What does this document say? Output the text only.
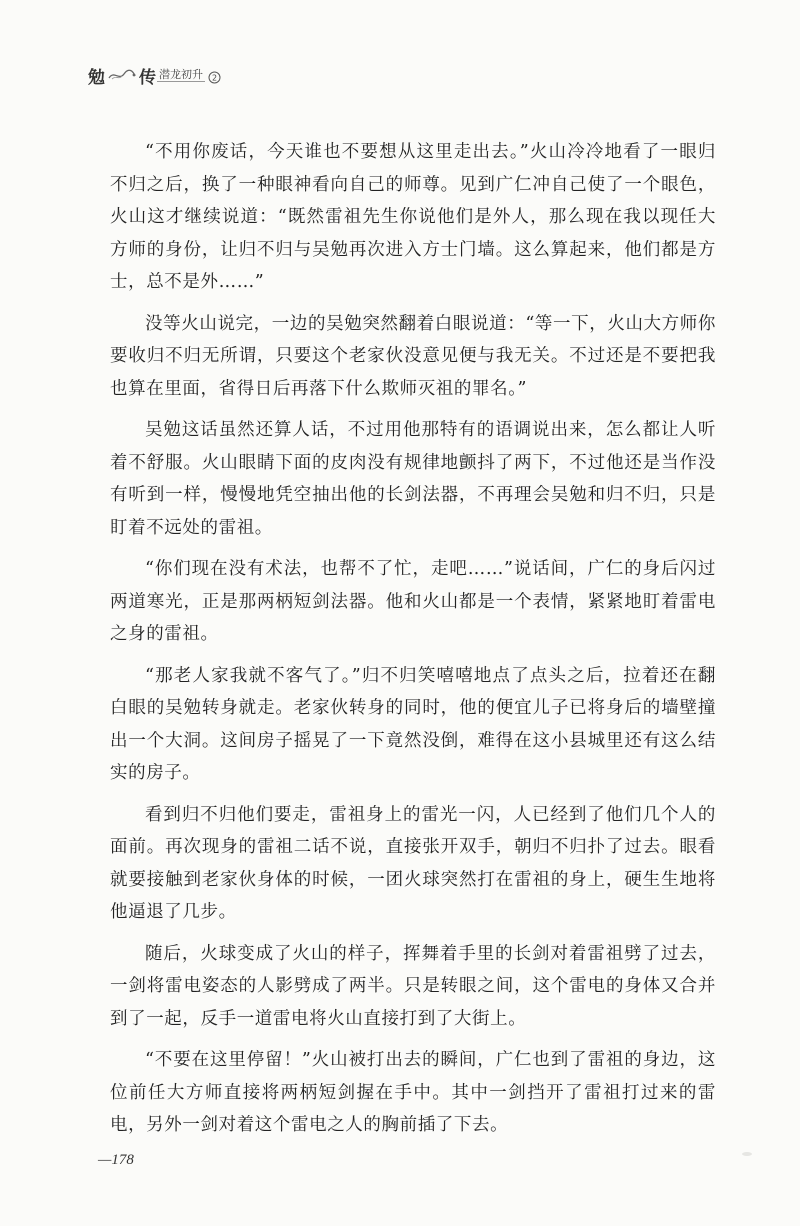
勉 传 潜龙初升 2

“不用你废话，今天谁也不要想从这里走出去。”火山冷冷地看了一眼归不归之后，换了一种眼神看向自己的师尊。见到广仁冲自己使了一个眼色，火山这才继续说道：“既然雷祖先生你说他们是外人，那么现在我以现任大方师的身份，让归不归与吴勉再次进入方士门墙。这么算起来，他们都是方士，总不是外……”

没等火山说完，一边的吴勉突然翻着白眼说道：“等一下，火山大方师你要收归不归无所谓，只要这个老家伙没意见便与我无关。不过还是不要把我也算在里面，省得日后再落下什么欺师灭祖的罪名。”

吴勉这话虽然还算人话，不过用他那特有的语调说出来，怎么都让人听着不舒服。火山眼睛下面的皮肉没有规律地颤抖了两下，不过他还是当作没有听到一样，慢慢地凭空抽出他的长剑法器，不再理会吴勉和归不归，只是盯着不远处的雷祖。

“你们现在没有术法，也帮不了忙，走吧……”说话间，广仁的身后闪过两道寒光，正是那两柄短剑法器。他和火山都是一个表情，紧紧地盯着雷电之身的雷祖。

“那老人家我就不客气了。”归不归笑嘻嘻地点了点头之后，拉着还在翻白眼的吴勉转身就走。老家伙转身的同时，他的便宜儿子已将身后的墙壁撞出一个大洞。这间房子摇晃了一下竟然没倒，难得在这小县城里还有这么结实的房子。

看到归不归他们要走，雷祖身上的雷光一闪，人已经到了他们几个人的面前。再次现身的雷祖二话不说，直接张开双手，朝归不归扑了过去。眼看就要接触到老家伙身体的时候，一团火球突然打在雷祖的身上，硬生生地将他逼退了几步。

随后，火球变成了火山的样子，挥舞着手里的长剑对着雷祖劈了过去，一剑将雷电姿态的人影劈成了两半。只是转眼之间，这个雷电的身体又合并到了一起，反手一道雷电将火山直接打到了大街上。

“不要在这里停留！”火山被打出去的瞬间，广仁也到了雷祖的身边，这位前任大方师直接将两柄短剑握在手中。其中一剑挡开了雷祖打过来的雷电，另外一剑对着这个雷电之人的胸前插了下去。

—178
